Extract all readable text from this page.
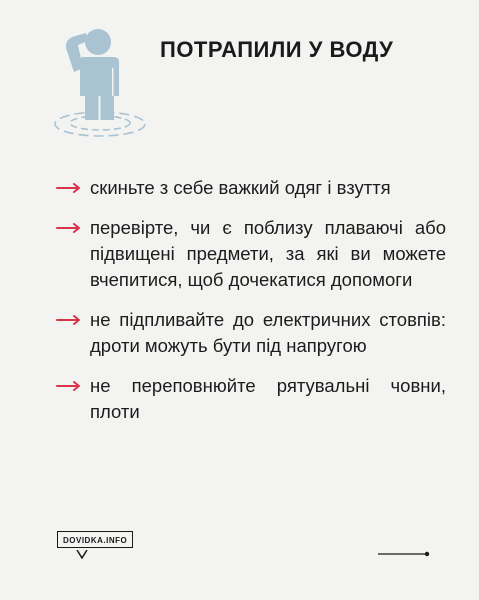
ПОТРАПИЛИ У ВОДУ
скиньте з себе важкий одяг і взуття
перевірте, чи є поблизу плаваючі або підвищені предмети, за які ви можете вчепитися, щоб дочекатися допомоги
не підпливайте до електричних стовпів: дроти можуть бути під напругою
не переповнюйте рятувальні човни, плоти
DOVIDKA.INFO
